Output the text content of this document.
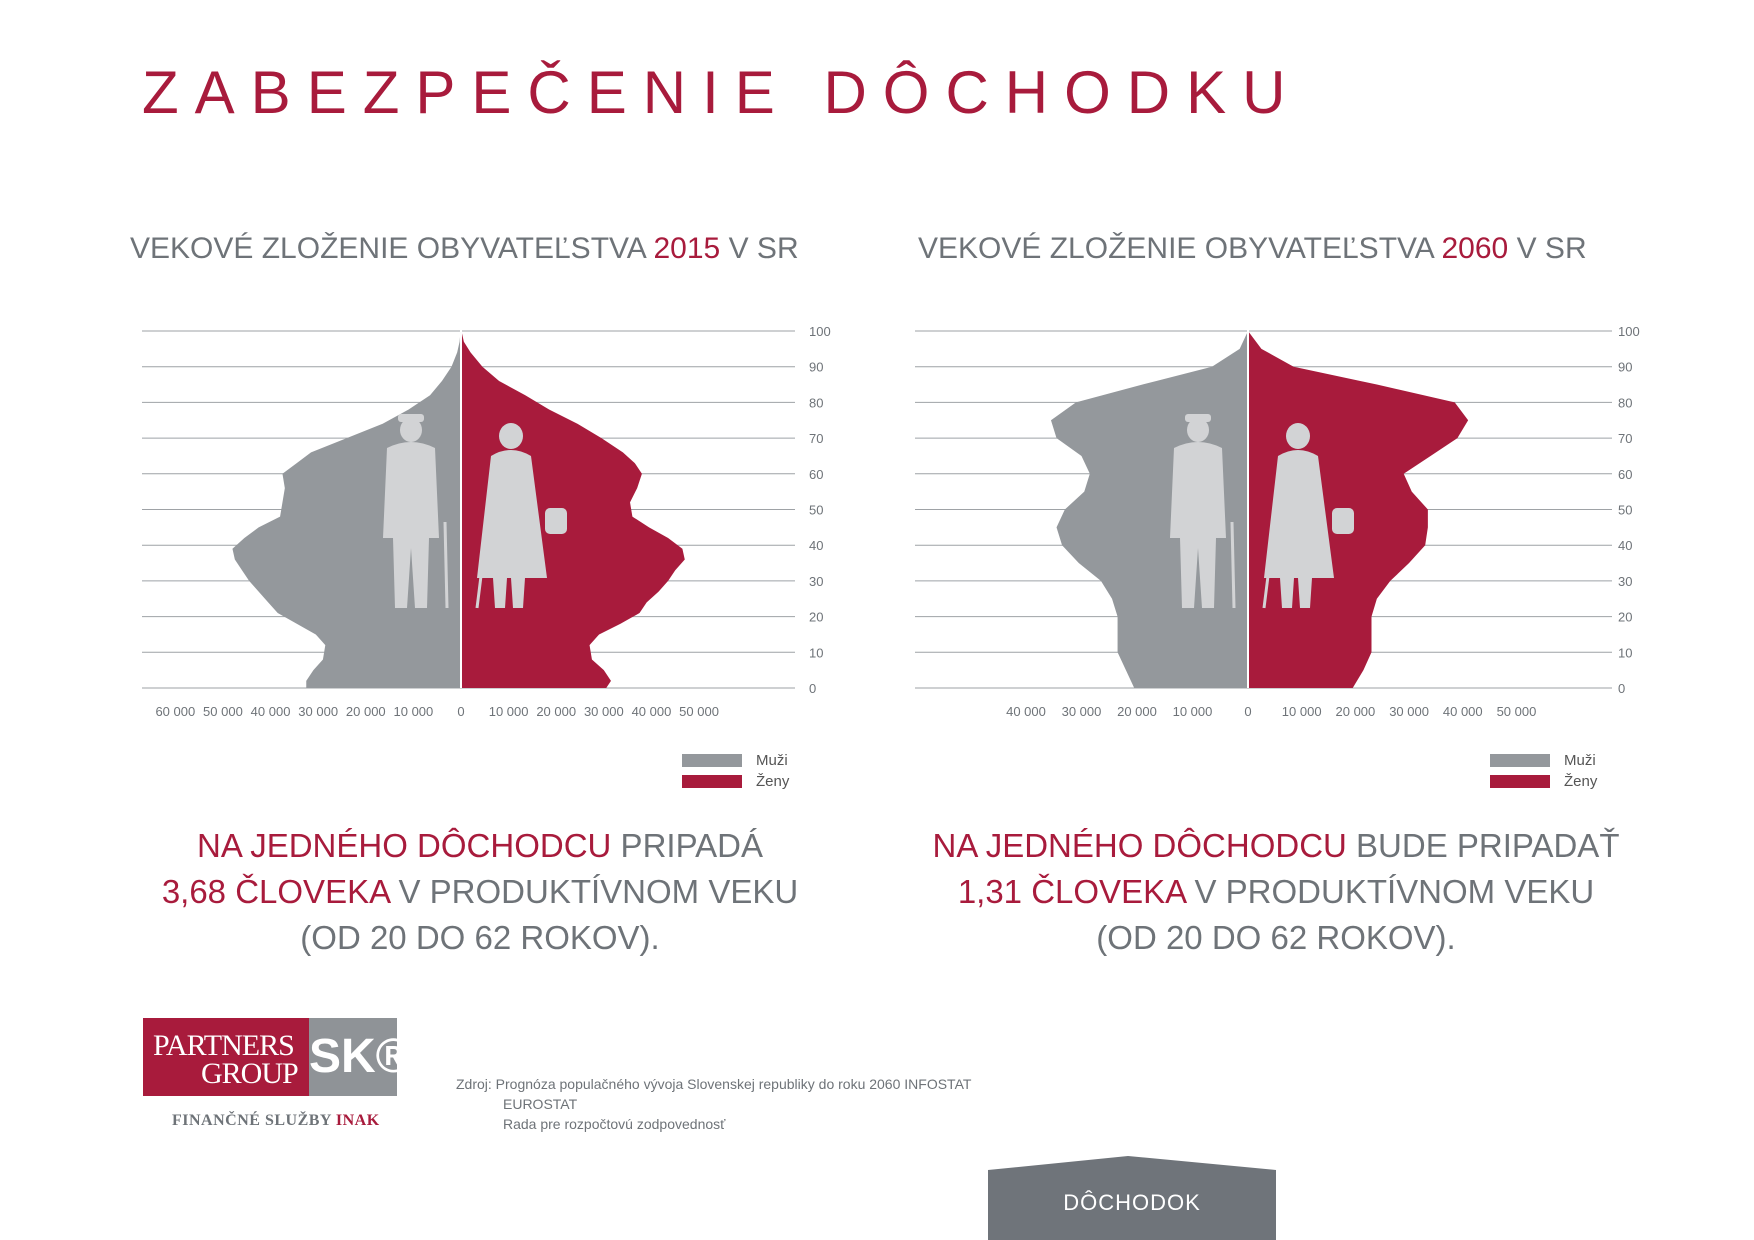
ZABEZPEČENIE DÔCHODKU
VEKOVÉ ZLOŽENIE OBYVATEĽSTVA 2015 V SR	VEKOVÉ ZLOŽENIE OBYVATEĽSTVA 2060 V SR
100
90
80
70
60
50
40
30
20
10
0
60 000 50 000 40 000 30 000 20 000 10 000 0 10 000 20 000 30 000 40 000 50 000
100
90
80
70
60
50
40
30
20
10
0
40 000 30 000 20 000 10 000 0 10 000 20 000 30 000 40 000 50 000
Muži
Ženy
Muži
Ženy
NA JEDNÉHO DÔCHODCU PRIPADÁ
3,68 ČLOVEKA V PRODUKTÍVNOM VEKU
(OD 20 DO 62 ROKOV).
NA JEDNÉHO DÔCHODCU BUDE PRIPADAŤ
1,31 ČLOVEKA V PRODUKTÍVNOM VEKU
(OD 20 DO 62 ROKOV).
PARTNERS
GROUP SK®
FINANČNÉ SLUŽBY INAK
Zdroj: Prognóza populačného vývoja Slovenskej republiky do roku 2060 INFOSTAT
EUROSTAT
Rada pre rozpočtovú zodpovednosť
DÔCHODOK
